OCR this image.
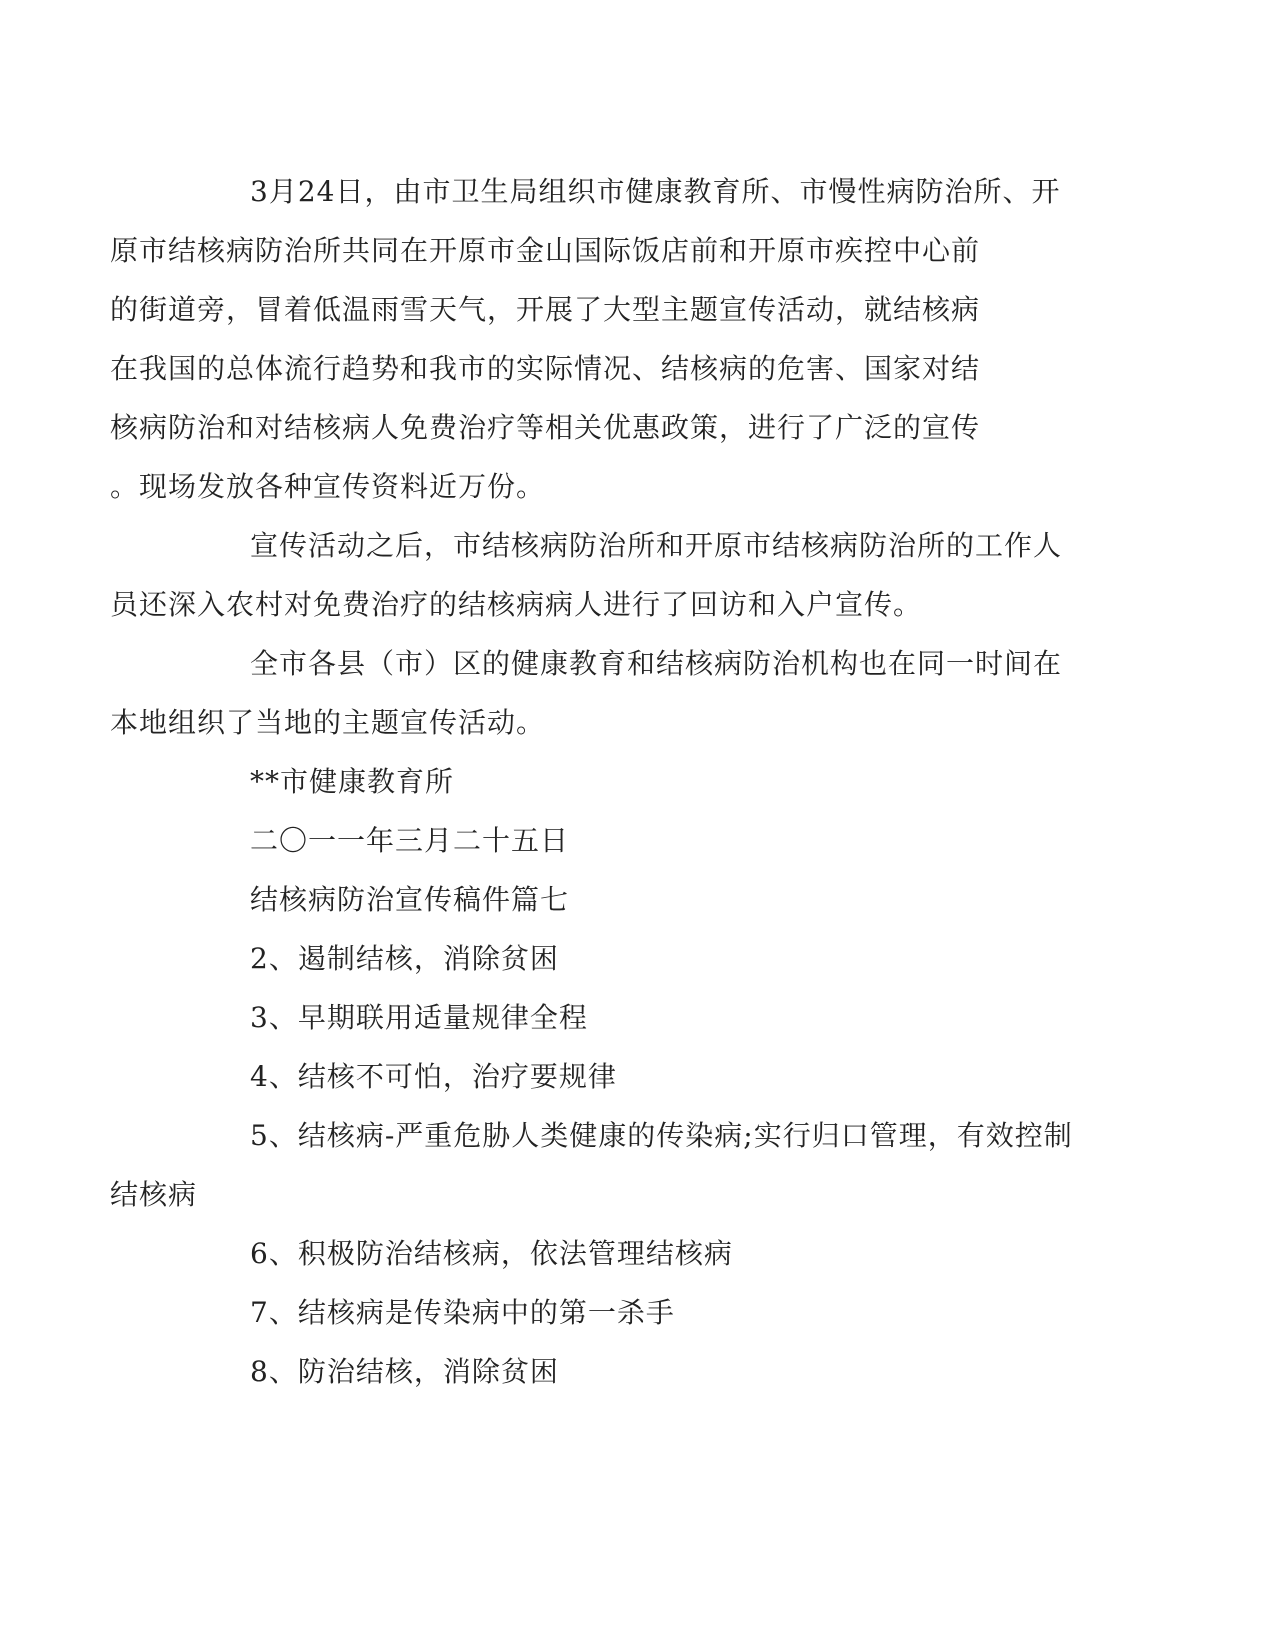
3月24日，由市卫生局组织市健康教育所、市慢性病防治所、开
原市结核病防治所共同在开原市金山国际饭店前和开原市疾控中心前
的街道旁，冒着低温雨雪天气，开展了大型主题宣传活动，就结核病
在我国的总体流行趋势和我市的实际情况、结核病的危害、国家对结
核病防治和对结核病人免费治疗等相关优惠政策，进行了广泛的宣传
。现场发放各种宣传资料近万份。
宣传活动之后，市结核病防治所和开原市结核病防治所的工作人
员还深入农村对免费治疗的结核病病人进行了回访和入户宣传。
全市各县（市）区的健康教育和结核病防治机构也在同一时间在
本地组织了当地的主题宣传活动。
**市健康教育所
二〇一一年三月二十五日
结核病防治宣传稿件篇七
2、遏制结核，消除贫困
3、早期联用适量规律全程
4、结核不可怕，治疗要规律
5、结核病-严重危胁人类健康的传染病;实行归口管理，有效控制
结核病
6、积极防治结核病，依法管理结核病
7、结核病是传染病中的第一杀手
8、防治结核，消除贫困
